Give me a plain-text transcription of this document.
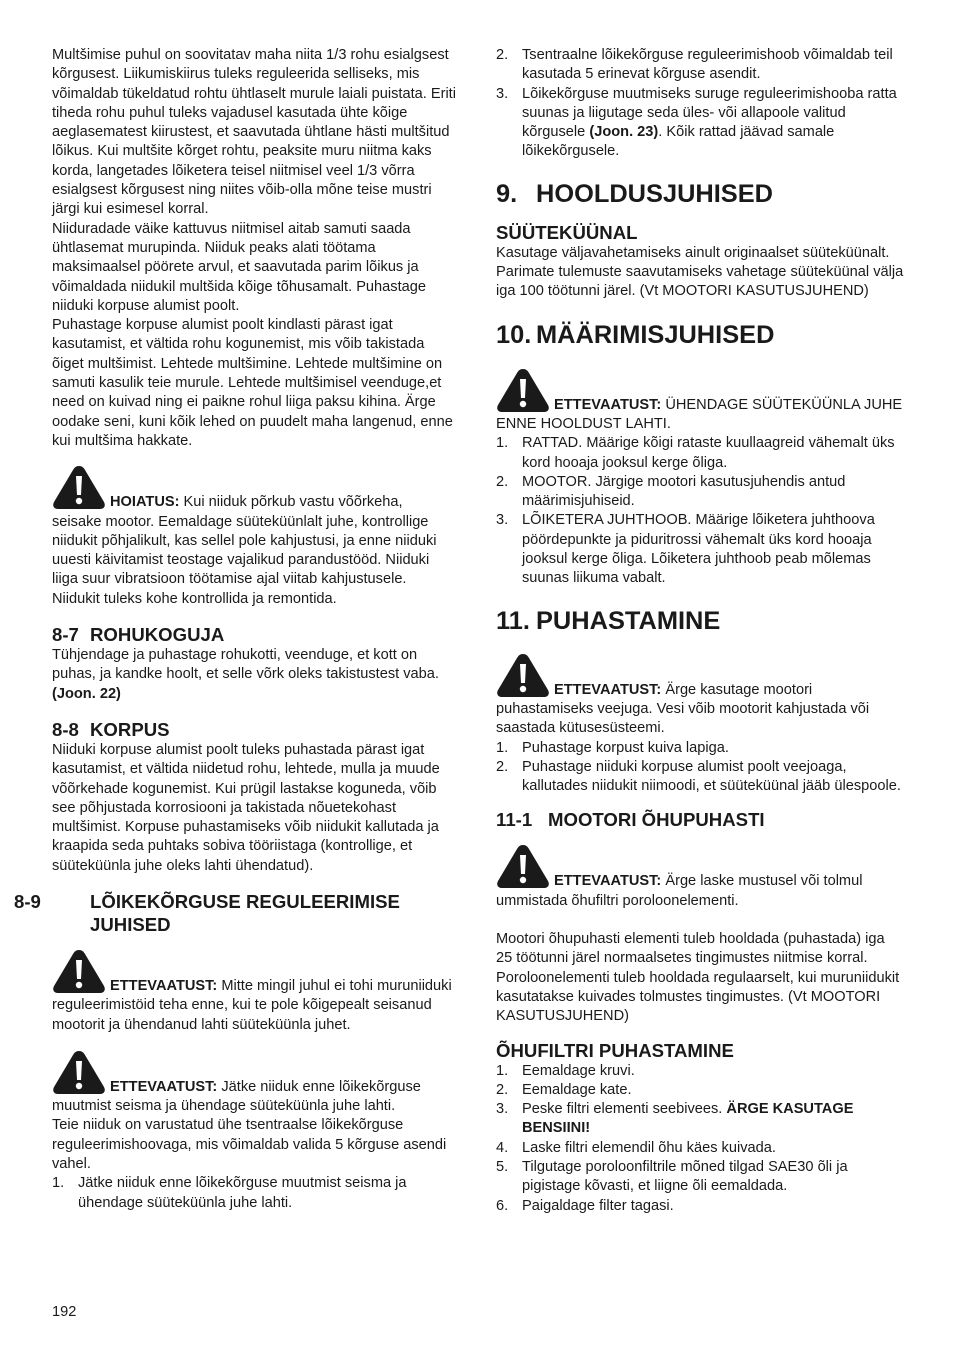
Multšimise puhul on soovitatav maha niita 1/3 rohu esialgsest kõrgusest. Liikumiskiirus tuleks reguleerida selliseks, mis võimaldab tükeldatud rohtu ühtlaselt murule laiali puistata. Eriti tiheda rohu puhul tuleks vajadusel kasutada ühte kõige aeglasematest kiirustest, et saavutada ühtlane hästi multšitud lõikus. Kui multšite kõrget rohtu, peaksite muru niitma kaks korda, langetades lõiketera teisel niitmisel veel 1/3 võrra esialgsest kõrgusest ning niites võib-olla mõne teise mustri järgi kui esimesel korral.

Niiduradade väike kattuvus niitmisel aitab samuti saada ühtlasemat murupinda. Niiduk peaks alati töötama maksimaalsel pöörete arvul, et saavutada parim lõikus ja võimaldada niidukil multšida kõige tõhusamalt. Puhastage niiduki korpuse alumist poolt.

Puhastage korpuse alumist poolt kindlasti pärast igat kasutamist, et vältida rohu kogunemist, mis võib takistada õiget multšimist. Lehtede multšimine. Lehtede multšimine on samuti kasulik teie murule. Lehtede multšimisel veenduge,et need on kuivad ning ei paikne rohul liiga paksu kihina. Ärge oodake seni, kuni kõik lehed on puudelt maha langenud, enne kui multšima hakkate.

HOIATUS: Kui niiduk põrkub vastu võõrkeha, seisake mootor. Eemaldage süüteküünlalt juhe, kontrollige niidukit põhjalikult, kas sellel pole kahjustusi, ja enne niiduki uuesti käivitamist teostage vajalikud parandustööd. Niiduki liiga suur vibratsioon töötamise ajal viitab kahjustusele. Niidukit tuleks kohe kontrollida ja remontida.

8-7 ROHUKOGUJA

Tühjendage ja puhastage rohukotti, veenduge, et kott on puhas, ja kandke hoolt, et selle võrk oleks takistustest vaba. (Joon. 22)

8-8 KORPUS

Niiduki korpuse alumist poolt tuleks puhastada pärast igat kasutamist, et vältida niidetud rohu, lehtede, mulla ja muude võõrkehade kogunemist. Kui prügil lastakse koguneda, võib see põhjustada korrosiooni ja takistada nõuetekohast multšimist. Korpuse puhastamiseks võib niidukit kallutada ja kraapida seda puhtaks sobiva tööriistaga (kontrollige, et süüteküünla juhe oleks lahti ühendatud).

8-9	LÕIKEKÕRGUSE REGULEERIMISE JUHISED

ETTEVAATUST: Mitte mingil juhul ei tohi muruniiduki reguleerimistöid teha enne, kui te pole kõigepealt seisanud mootorit ja ühendanud lahti süüteküünla juhet.

ETTEVAATUST: Jätke niiduk enne lõikekõrguse muutmist seisma ja ühendage süüteküünla juhe lahti.

Teie niiduk on varustatud ühe tsentraalse lõikekõrguse reguleerimishoovaga, mis võimaldab valida 5 kõrguse asendi vahel.

1. Jätke niiduk enne lõikekõrguse muutmist seisma ja ühendage süüteküünla juhe lahti.
2. Tsentraalne lõikekõrguse reguleerimishoob võimaldab teil kasutada 5 erinevat kõrguse asendit.
3. Lõikekõrguse muutmiseks suruge reguleerimishooba ratta suunas ja liigutage seda üles- või allapoole valitud kõrgusele (Joon. 23). Kõik rattad jäävad samale lõikekõrgusele.
9. HOOLDUSJUHISED
SÜÜTEKÜÜNAL

Kasutage väljavahetamiseks ainult originaalset süüteküünalt. Parimate tulemuste saavutamiseks vahetage süüteküünal välja iga 100 töötunni järel. (Vt MOOTORI KASUTUSJUHEND)

10. MÄÄRIMISJUHISED

ETTEVAATUST: ÜHENDAGE SÜÜTEKÜÜNLA JUHE ENNE HOOLDUST LAHTI.

1. RATTAD. Määrige kõigi rataste kuullaagreid vähemalt üks kord hooaja jooksul kerge õliga.
2. MOOTOR. Järgige mootori kasutusjuhendis antud määrimisjuhiseid.
3. LÕIKETERA JUHTHOOB. Määrige lõiketera juhthoova pöördepunkte ja piduritrossi vähemalt üks kord hooaja jooksul kerge õliga. Lõiketera juhthoob peab mõlemas suunas liikuma vabalt.
11. PUHASTAMINE

ETTEVAATUST: Ärge kasutage mootori puhastamiseks veejuga. Vesi võib mootorit kahjustada või saastada kütusesüsteemi.

1. Puhastage korpust kuiva lapiga.
2. Puhastage niiduki korpuse alumist poolt veejoaga, kallutades niidukit niimoodi, et süüteküünal jääb ülespoole.
11-1 MOOTORI ÕHUPUHASTI

ETTEVAATUST: Ärge laske mustusel või tolmul ummistada õhufiltri poroloonelementi.

Mootori õhupuhasti elementi tuleb hooldada (puhastada) iga 25 töötunni järel normaalsetes tingimustes niitmise korral. Poroloonelementi tuleb hooldada regulaarselt, kui muruniidukit kasutatakse kuivades tolmustes tingimustes. (Vt MOOTORI KASUTUSJUHEND)

ÕHUFILTRI PUHASTAMINE
1. Eemaldage kruvi.
2. Eemaldage kate.
3. Peske filtri elementi seebivees. ÄRGE KASUTAGE BENSIINI!
4. Laske filtri elemendil õhu käes kuivada.
5. Tilgutage poroloonfiltrile mõned tilgad SAE30 õli ja pigistage kõvasti, et liigne õli eemaldada.
6. Paigaldage filter tagasi.
192
